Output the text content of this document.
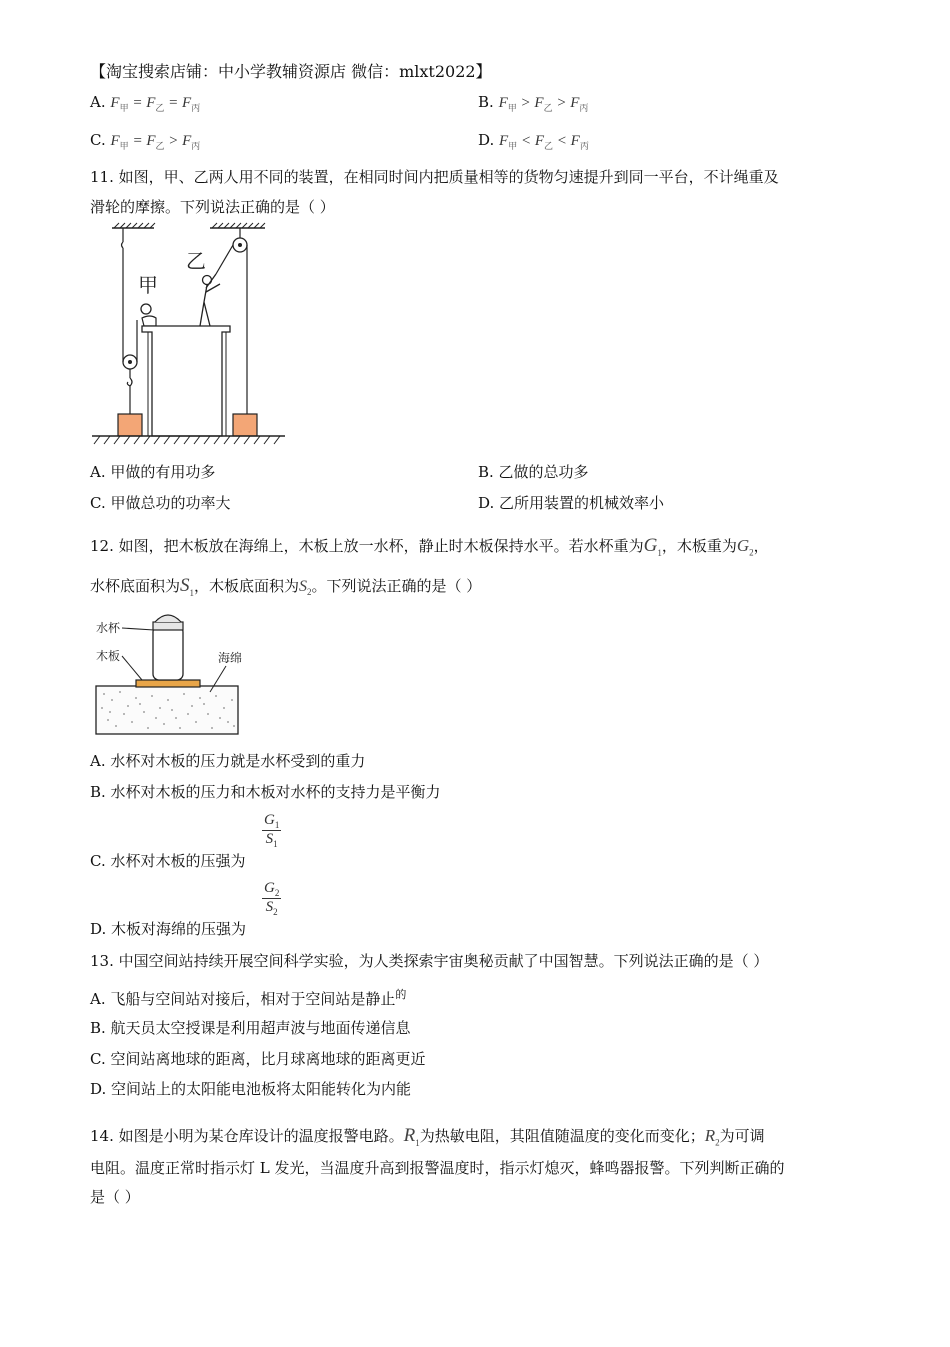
【淘宝搜索店铺：中小学教辅资源店 微信：mlxt2022】
A. $F_甲 = F_乙 = F_丙$	B. $F_甲 > F_乙 > F_丙$
C. $F_甲 = F_乙 > F_丙$	D. $F_甲 < F_乙 < F_丙$
11. 如图，甲、乙两人用不同的装置，在相同时间内把质量相等的货物匀速提升到同一平台，不计绳重及
滑轮的摩擦。下列说法正确的是（ ）
甲
乙
A. 甲做的有用功多	B. 乙做的总功多
C. 甲做总功的功率大	D. 乙所用装置的机械效率小
12. 如图，把木板放在海绵上，木板上放一水杯，静止时木板保持水平。若水杯重为$G_1$，木板重为$G_2$，
水杯底面积为$S_1$，木板底面积为$S_2$。下列说法正确的是（ ）
水杯
木板	海绵
A. 水杯对木板的压力就是水杯受到的重力
B. 水杯对木板的压力和木板对水杯的支持力是平衡力
C. 水杯对木板的压强为
$\frac{G_1}{S_1}$
D. 木板对海绵的压强为
$\frac{G_2}{S_2}$
13. 中国空间站持续开展空间科学实验，为人类探索宇宙奥秘贡献了中国智慧。下列说法正确的是（ ）
A. 飞船与空间站对接后，相对于空间站是静止$^的$
B. 航天员太空授课是利用超声波与地面传递信息
C. 空间站离地球的距离，比月球离地球的距离更近
D. 空间站上的太阳能电池板将太阳能转化为内能
14. 如图是小明为某仓库设计的温度报警电路。$R_1$为热敏电阻，其阻值随温度的变化而变化；$R_2$为可调
电阻。温度正常时指示灯 L 发光，当温度升高到报警温度时，指示灯熄灭，蜂鸣器报警。下列判断正确的
是（ ）
